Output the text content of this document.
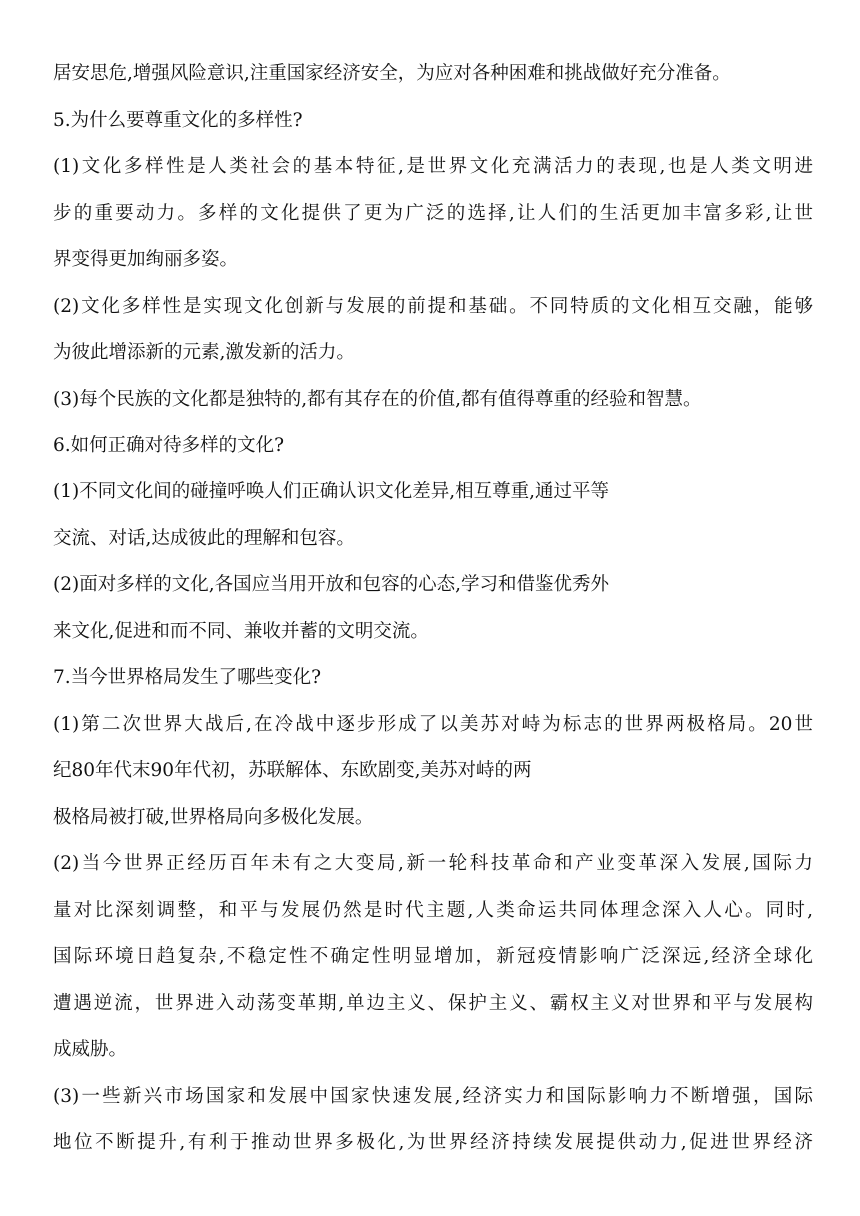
居安思危,增强风险意识,注重国家经济安全，为应对各种困难和挑战做好充分准备。
5.为什么要尊重文化的多样性?
(1)文化多样性是人类社会的基本特征,是世界文化充满活力的表现,也是人类文明进
步的重要动力。多样的文化提供了更为广泛的选择,让人们的生活更加丰富多彩,让世
界变得更加绚丽多姿。
(2)文化多样性是实现文化创新与发展的前提和基础。不同特质的文化相互交融，能够
为彼此增添新的元素,激发新的活力。
(3)每个民族的文化都是独特的,都有其存在的价值,都有值得尊重的经验和智慧。
6.如何正确对待多样的文化?
(1)不同文化间的碰撞呼唤人们正确认识文化差异,相互尊重,通过平等
交流、对话,达成彼此的理解和包容。
(2)面对多样的文化,各国应当用开放和包容的心态,学习和借鉴优秀外
来文化,促进和而不同、兼收并蓄的文明交流。
7.当今世界格局发生了哪些变化?
(1)第二次世界大战后,在冷战中逐步形成了以美苏对峙为标志的世界两极格局。20世
纪80年代末90年代初，苏联解体、东欧剧变,美苏对峙的两
极格局被打破,世界格局向多极化发展。
(2)当今世界正经历百年未有之大变局,新一轮科技革命和产业变革深入发展,国际力
量对比深刻调整，和平与发展仍然是时代主题,人类命运共同体理念深入人心。同时,
国际环境日趋复杂,不稳定性不确定性明显增加，新冠疫情影响广泛深远,经济全球化
遭遇逆流，世界进入动荡变革期,单边主义、保护主义、霸权主义对世界和平与发展构
成威胁。
(3)一些新兴市场国家和发展中国家快速发展,经济实力和国际影响力不断增强，国际
地位不断提升,有利于推动世界多极化,为世界经济持续发展提供动力,促进世界经济
